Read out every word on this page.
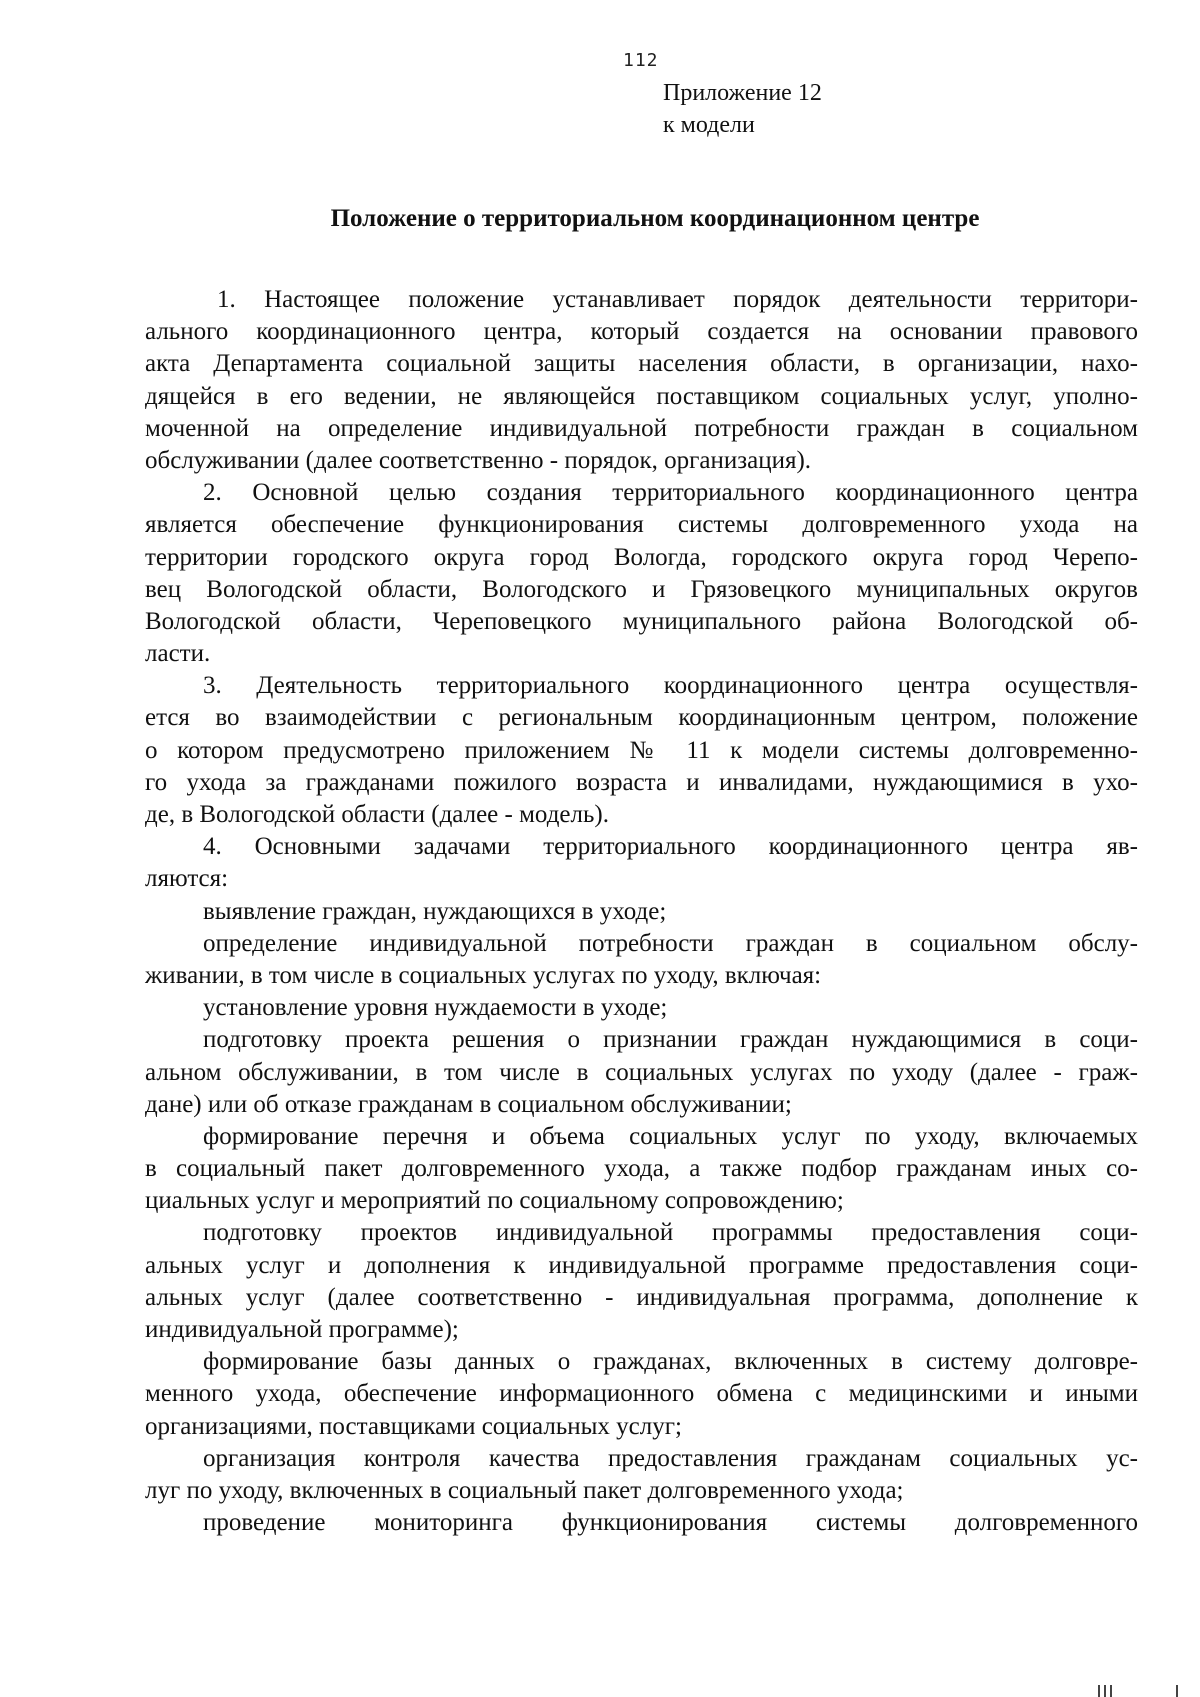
112
Приложение 12
к модели
Положение о территориальном координационном центре
1. Настоящее положение устанавливает порядок деятельности территори-
ального координационного центра, который создается на основании правового
акта Департамента социальной защиты населения области, в организации, нахо-
дящейся в его ведении, не являющейся поставщиком социальных услуг, уполно-
моченной на определение индивидуальной потребности граждан в социальном
обслуживании (далее соответственно - порядок, организация).
2. Основной целью создания территориального координационного центра
является обеспечение функционирования системы долговременного ухода на
территории городского округа город Вологда, городского округа город Черепо-
вец Вологодской области, Вологодского и Грязовецкого муниципальных округов
Вологодской области, Череповецкого муниципального района Вологодской об-
ласти.
3. Деятельность территориального координационного центра осуществля-
ется во взаимодействии с региональным координационным центром, положение
о котором предусмотрено приложением № 11 к модели системы долговременно-
го ухода за гражданами пожилого возраста и инвалидами, нуждающимися в ухо-
де, в Вологодской области (далее - модель).
4. Основными задачами территориального координационного центра яв-
ляются:
выявление граждан, нуждающихся в уходе;
определение индивидуальной потребности граждан в социальном обслу-
живании, в том числе в социальных услугах по уходу, включая:
установление уровня нуждаемости в уходе;
подготовку проекта решения о признании граждан нуждающимися в соци-
альном обслуживании, в том числе в социальных услугах по уходу (далее - граж-
дане) или об отказе гражданам в социальном обслуживании;
формирование перечня и объема социальных услуг по уходу, включаемых
в социальный пакет долговременного ухода, а также подбор гражданам иных со-
циальных услуг и мероприятий по социальному сопровождению;
подготовку проектов индивидуальной программы предоставления соци-
альных услуг и дополнения к индивидуальной программе предоставления соци-
альных услуг (далее соответственно - индивидуальная программа, дополнение к
индивидуальной программе);
формирование базы данных о гражданах, включенных в систему долговре-
менного ухода, обеспечение информационного обмена с медицинскими и иными
организациями, поставщиками социальных услуг;
организация контроля качества предоставления гражданам социальных ус-
луг по уходу, включенных в социальный пакет долговременного ухода;
проведение мониторинга функционирования системы долговременного
